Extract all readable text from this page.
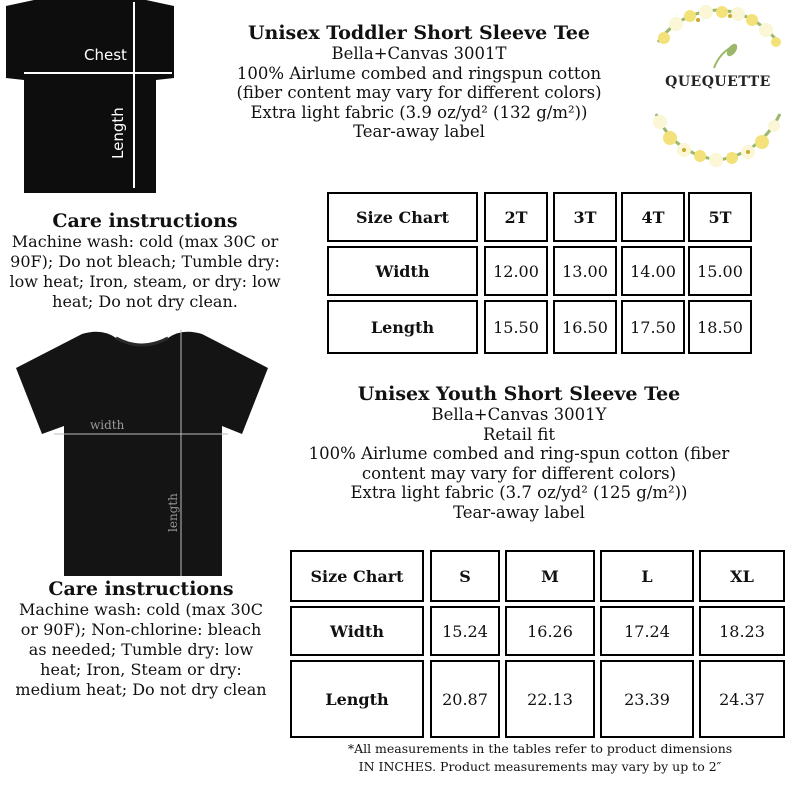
Chest
Length
Unisex Toddler Short Sleeve Tee
Bella+Canvas 3001T
100% Airlume combed and ringspun cotton
(fiber content may vary for different colors)
Extra light fabric (3.9 oz/yd² (132 g/m²))
Tear-away label
QUEQUETTE
Care instructions
Machine wash: cold (max 30C or
90F); Do not bleach; Tumble dry:
low heat; Iron, steam, or dry: low
heat; Do not dry clean.
Size Chart	2T	3T	4T	5T
Width	12.00	13.00	14.00	15.00
Length	15.50	16.50	17.50	18.50
width
length
Unisex Youth Short Sleeve Tee
Bella+Canvas 3001Y
Retail fit
100% Airlume combed and ring-spun cotton (fiber
content may vary for different colors)
Extra light fabric (3.7 oz/yd² (125 g/m²))
Tear-away label
Care instructions
Machine wash: cold (max 30C
or 90F); Non-chlorine: bleach
as needed; Tumble dry: low
heat; Iron, Steam or dry:
medium heat; Do not dry clean
Size Chart	S	M	L	XL
Width	15.24	16.26	17.24	18.23
Length	20.87	22.13	23.39	24.37
*All measurements in the tables refer to product dimensions
IN INCHES. Product measurements may vary by up to 2″
